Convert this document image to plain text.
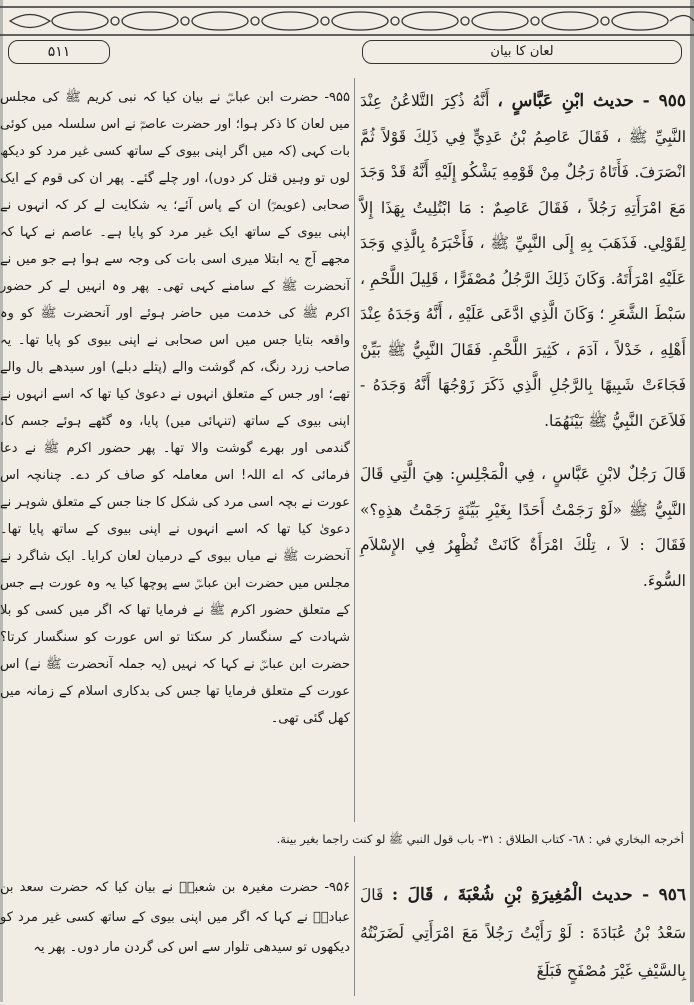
۵۱۱	لعان کا بیان

٩٥٥ - حديث ابْنِ عَبَّاسٍ ، أَنَّهُ ذُكِرَ التَّلاعُنُ عِنْدَ النَّبِيِّ ﷺ ، فَقَالَ عَاصِمُ بْنُ عَدِيٍّ فِي ذَلِكَ قَوْلاً ثُمَّ انْصَرَفَ. فَأَتَاهُ رَجُلٌ مِنْ قَوْمِهِ يَشْكُو إِلَيْهِ أَنَّهُ قَدْ وَجَدَ مَعَ امْرَأَتِهِ رَجُلاً ، فَقَالَ عَاصِمٌ : مَا ابْتُلِيتُ بِهَذَا إِلاَّ لِقَوْلِي. فَذَهَبَ بِهِ إِلَى النَّبِيِّ ﷺ ، فَأَخْبَرَهُ بِالَّذِي وَجَدَ عَلَيْهِ امْرَأَتَهُ. وَكَانَ ذَلِكَ الرَّجُلُ مُصْفَرًّا ، قَلِيلَ اللَّحْمِ ، سَبْطَ الشَّعَرِ ؛ وَكَانَ الَّذِي ادَّعَى عَلَيْهِ ، أَنَّهُ وَجَدَهُ عِنْدَ أَهْلِهِ ، خَدْلاً ، آدَمَ ، كَثِيرَ اللَّحْمِ. فَقَالَ النَّبِيُّ ﷺ بَيِّنْ فَجَاءَتْ شَبِيهًا بِالرَّجُلِ الَّذِي ذَكَرَ زَوْجُهَا أَنَّهُ وَجَدَهُ - فَلاَعَنَ النَّبِيُّ ﷺ بَيْنَهُمَا.

قَالَ رَجُلٌ لابْنِ عَبَّاسٍ ، فِي الْمَجْلِسِ: هِيَ الَّتِي قَالَ النَّبِيُّ ﷺ «لَوْ رَجَمْتُ أَحَدًا بِغَيْرِ بَيِّنَةٍ رَجَمْتُ هذِهِ؟» فَقَالَ : لاَ ، تِلْكَ امْرَأَةٌ كَانَتْ تُظْهِرُ فِي الإِسْلاَمِ السُّوءَ.

۹۵۵- حضرت ابن عباسؓ نے بیان کیا کہ نبی کریم ﷺ کی مجلس میں لعان کا ذکر ہوا؛ اور حضرت عاصمؓ نے اس سلسلہ میں کوئی بات کہی (کہ میں اگر اپنی بیوی کے ساتھ کسی غیر مرد کو دیکھ لوں تو وہیں قتل کر دوں)، اور چلے گئے۔ پھر ان کی قوم کے ایک صحابی (عویمرؓ) ان کے پاس آئے؛ یہ شکایت لے کر کہ انہوں نے اپنی بیوی کے ساتھ ایک غیر مرد کو پایا ہے۔ عاصم نے کہا کہ مجھے آج یہ ابتلا میری اسی بات کی وجہ سے ہوا ہے جو میں نے آنحضرت ﷺ کے سامنے کہی تھی۔ پھر وہ انہیں لے کر حضور اکرم ﷺ کی خدمت میں حاضر ہوئے اور آنحضرت ﷺ کو وہ واقعہ بتایا جس میں اس صحابی نے اپنی بیوی کو پایا تھا۔ یہ صاحب زرد رنگ، کم گوشت والے (پتلے دبلے) اور سیدھے بال والے تھے؛ اور جس کے متعلق انہوں نے دعویٰ کیا تھا کہ اسے انہوں نے اپنی بیوی کے ساتھ (تنہائی میں) پایا، وہ گٹھے ہوئے جسم کا، گندمی اور بھرے گوشت والا تھا۔ پھر حضور اکرم ﷺ نے دعا فرمائی کہ اے اللہ! اس معاملہ کو صاف کر دے۔ چنانچہ اس عورت نے بچہ اسی مرد کی شکل کا جنا جس کے متعلق شوہر نے دعویٰ کیا تھا کہ اسے انہوں نے اپنی بیوی کے ساتھ پایا تھا۔ آنحضرت ﷺ نے میاں بیوی کے درمیان لعان کرایا۔ ایک شاگرد نے مجلس میں حضرت ابن عباسؓ سے پوچھا کیا یہ وہ عورت ہے جس کے متعلق حضور اکرم ﷺ نے فرمایا تھا کہ اگر میں کسی کو بلا شہادت کے سنگسار کر سکتا تو اس عورت کو سنگسار کرتا؟ حضرت ابن عباسؓ نے کہا کہ نہیں (یہ جملہ آنحضرت ﷺ نے) اس عورت کے متعلق فرمایا تھا جس کی بدکاری اسلام کے زمانہ میں کھل گئی تھی۔

أخرجه البخاري في : ٦٨- كتاب الطلاق : ٣١- باب قول النبي ﷺ لو كنت راجما بغير بينة.

٩٥٦ - حديث الْمُغِيرَةِ بْنِ شُعْبَةَ ، قَالَ : قَالَ سَعْدُ بْنُ عُبَادَةَ : لَوْ رَأَيْتُ رَجُلاً مَعَ امْرَأَتِي لَضَرَبْتُهُ بِالسَّيْفِ غَيْرَ مُصْفَحٍ فَبَلَغَ

۹۵۶- حضرت مغیرہ بن شعبہؓ نے بیان کیا کہ حضرت سعد بن عبادہؓ نے کہا کہ اگر میں اپنی بیوی کے ساتھ کسی غیر مرد کو دیکھوں تو سیدھی تلوار سے اس کی گردن مار دوں۔ پھر یہ
